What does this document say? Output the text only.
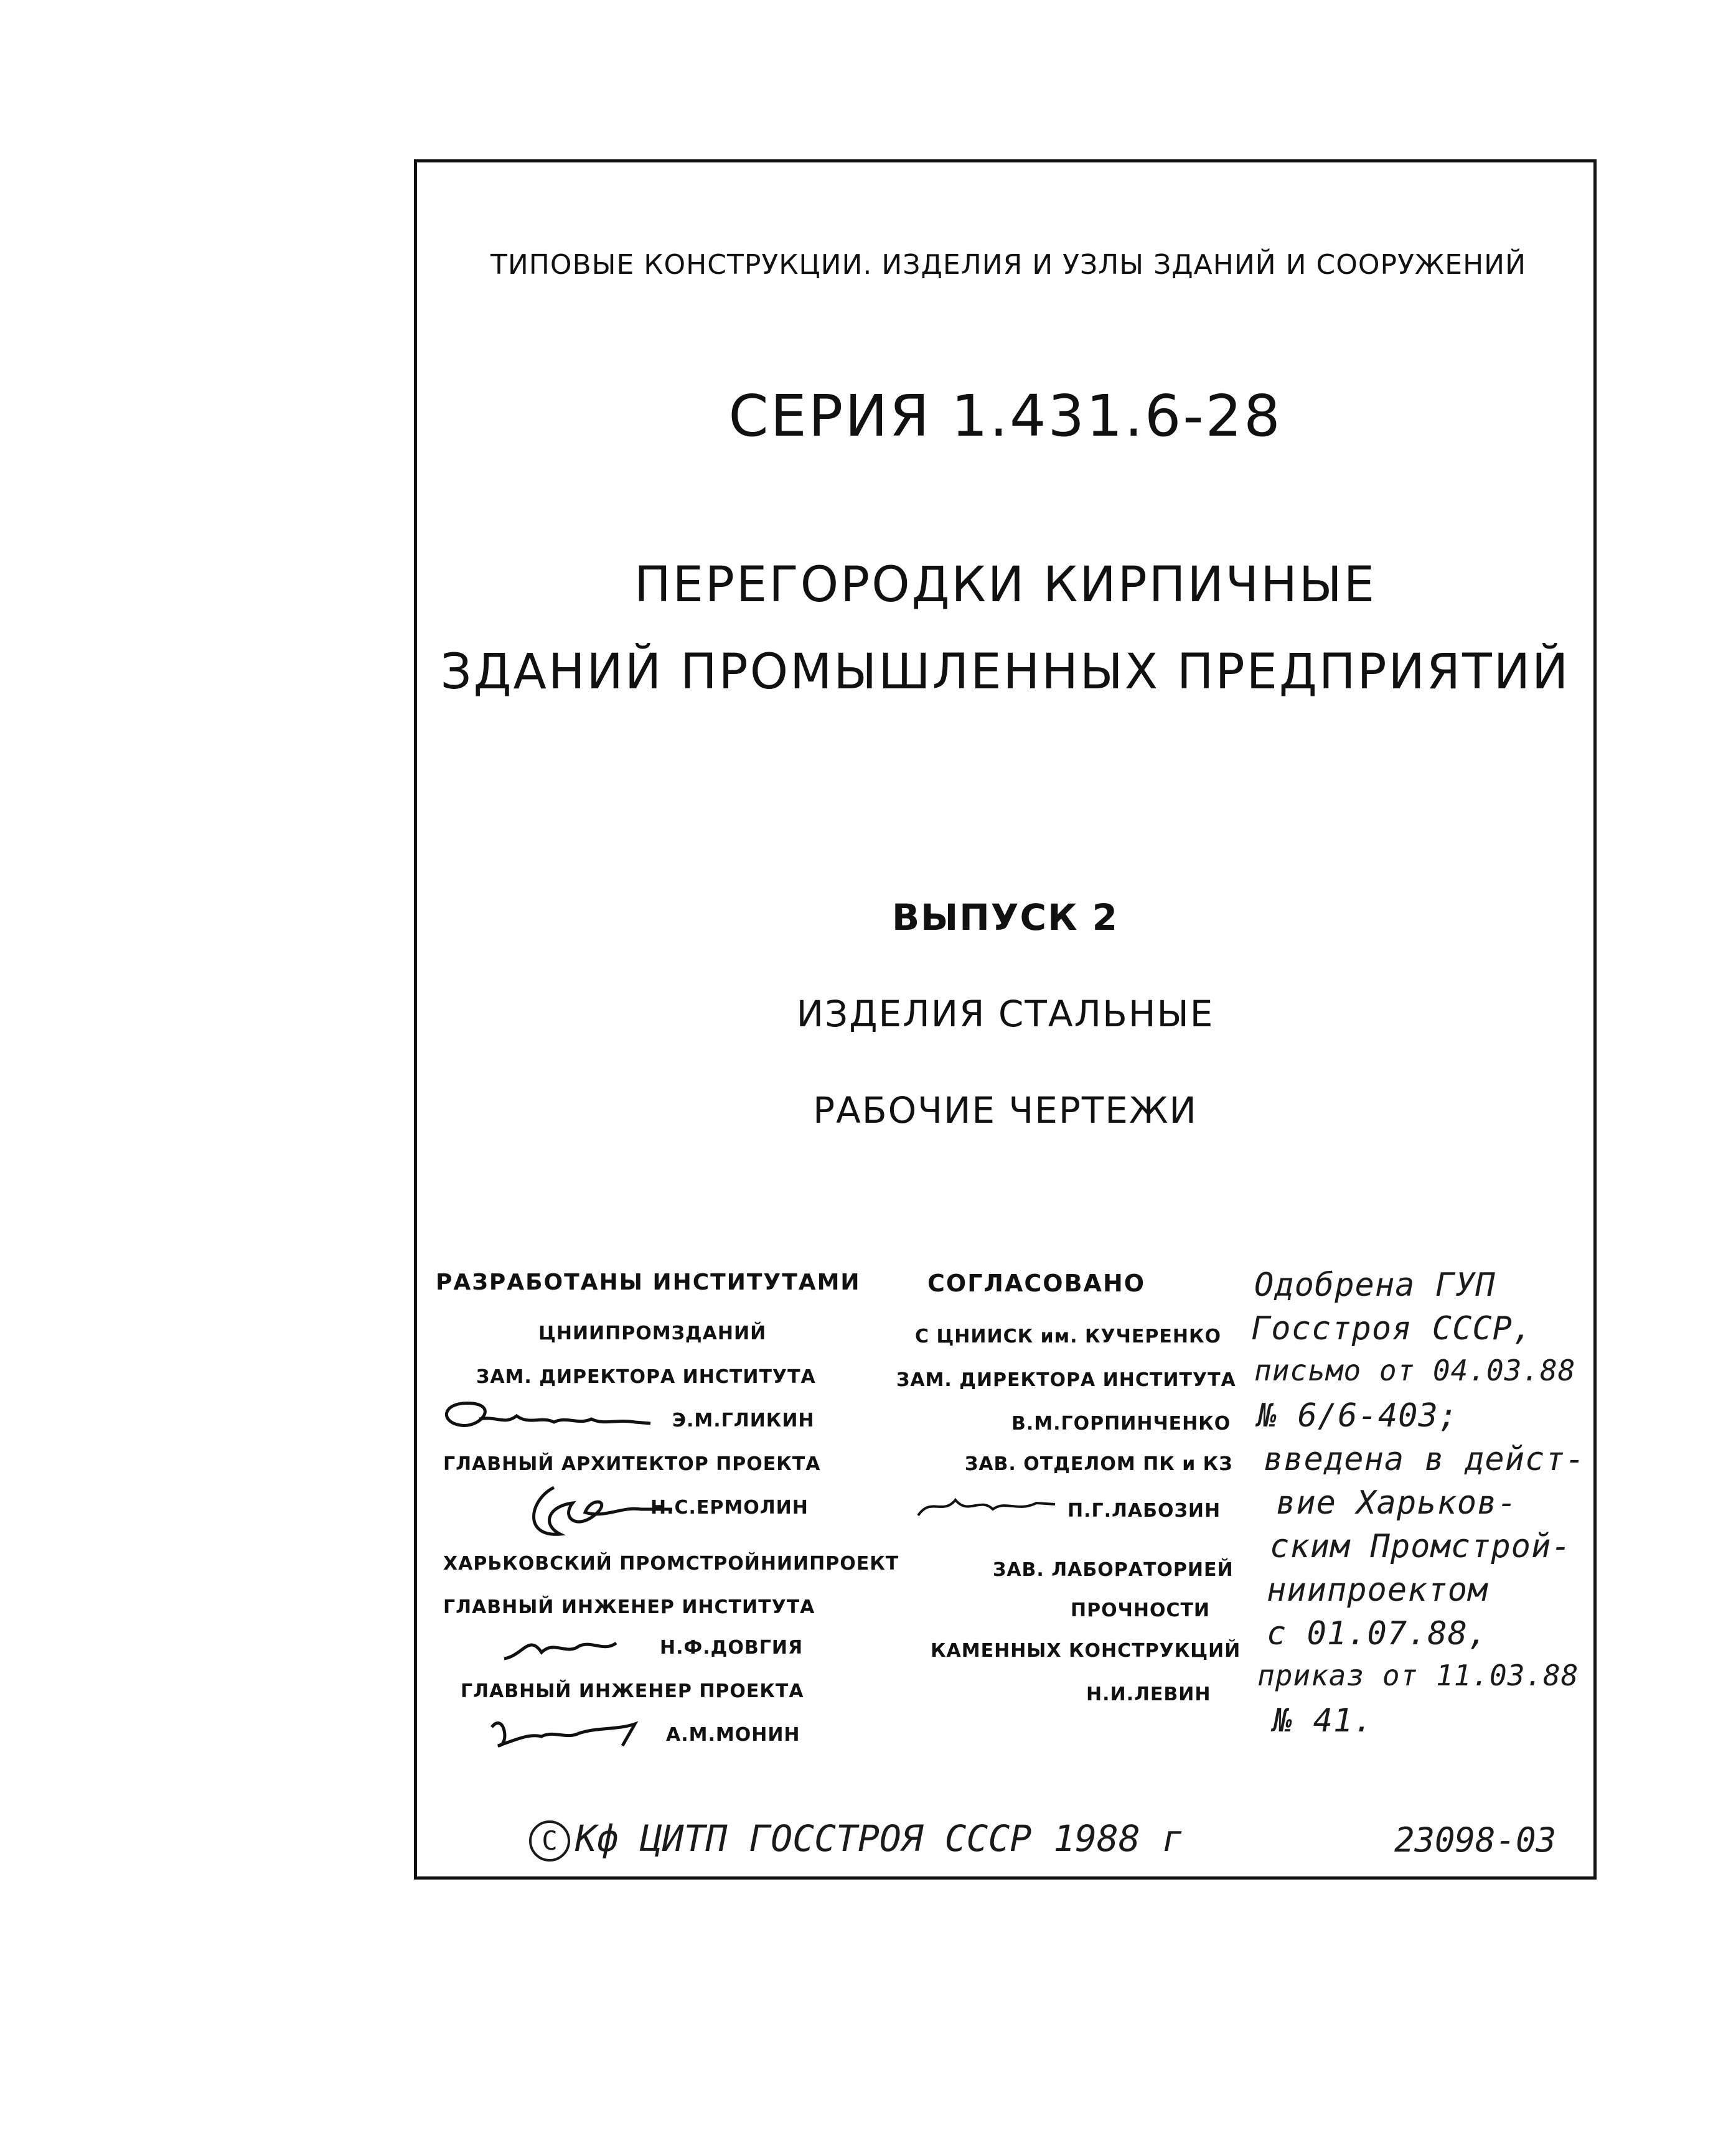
ТИПОВЫЕ КОНСТРУКЦИИ. ИЗДЕЛИЯ И УЗЛЫ ЗДАНИЙ И СООРУЖЕНИЙ
СЕРИЯ 1.431.6-28
ПЕРЕГОРОДКИ КИРПИЧНЫЕ
ЗДАНИЙ ПРОМЫШЛЕННЫХ ПРЕДПРИЯТИЙ
ВЫПУСК 2
ИЗДЕЛИЯ СТАЛЬНЫЕ
РАБОЧИЕ ЧЕРТЕЖИ
РАЗРАБОТАНЫ ИНСТИТУТАМИ
ЦНИИПРОМЗДАНИЙ
ЗАМ. ДИРЕКТОРА ИНСТИТУТА
Э.М.ГЛИКИН
ГЛАВНЫЙ АРХИТЕКТОР ПРОЕКТА
Н.С.ЕРМОЛИН
ХАРЬКОВСКИЙ ПРОМСТРОЙНИИПРОЕКТ
ГЛАВНЫЙ ИНЖЕНЕР ИНСТИТУТА
Н.Ф.ДОВГИЯ
ГЛАВНЫЙ ИНЖЕНЕР ПРОЕКТА
А.М.МОНИН
СОГЛАСОВАНО
С ЦНИИСК им. КУЧЕРЕНКО
ЗАМ. ДИРЕКТОРА ИНСТИТУТА
В.М.ГОРПИНЧЕНКО
ЗАВ. ОТДЕЛОМ ПК и КЗ
П.Г.ЛАБОЗИН
ЗАВ. ЛАБОРАТОРИЕЙ
ПРОЧНОСТИ
КАМЕННЫХ КОНСТРУКЦИЙ
Н.И.ЛЕВИН
Одобрена ГУП
Госстроя СССР,
письмо от 04.03.88
№ 6/6-403;
введена в дейст-
вие Харьков-
ским Промстрой-
ниипроектом
с 01.07.88,
приказ от 11.03.88
№ 41.
C Кф ЦИТП ГОССТРОЯ СССР 1988 г	23098-03
